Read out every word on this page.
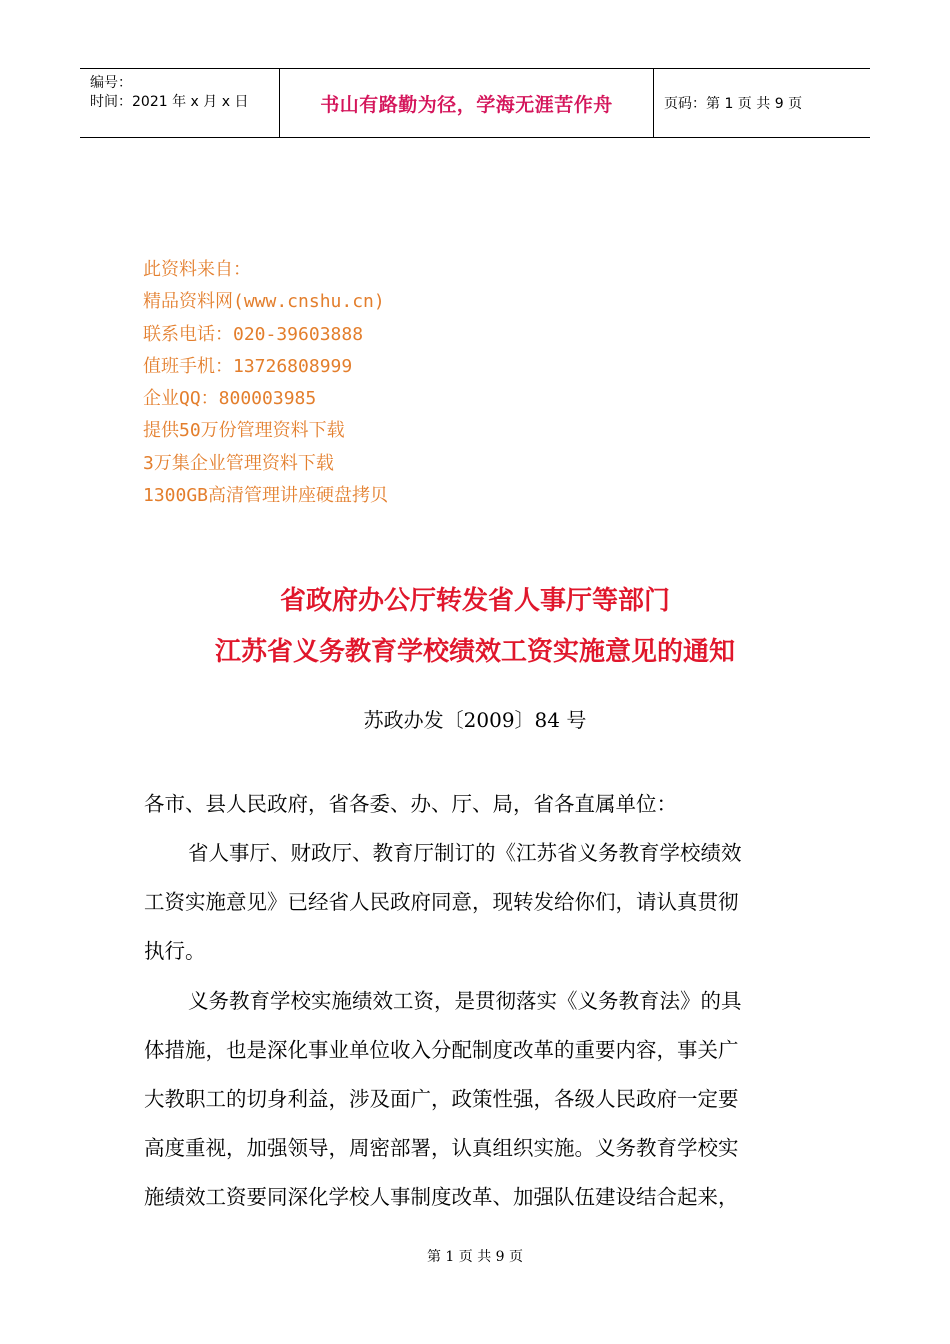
编号：
时间：2021 年 x 月 x 日	书山有路勤为径，学海无涯苦作舟	页码：第 1 页 共 9 页
此资料来自：
精品资料网(www.cnshu.cn)
联系电话：020-39603888
值班手机：13726808999
企业QQ：800003985
提供50万份管理资料下载
3万集企业管理资料下载
1300GB高清管理讲座硬盘拷贝
省政府办公厅转发省人事厅等部门
江苏省义务教育学校绩效工资实施意见的通知
苏政办发〔2009〕84 号
各市、县人民政府，省各委、办、厅、局，省各直属单位：
省人事厅、财政厅、教育厅制订的《江苏省义务教育学校绩效
工资实施意见》已经省人民政府同意，现转发给你们，请认真贯彻
执行。
义务教育学校实施绩效工资，是贯彻落实《义务教育法》的具
体措施，也是深化事业单位收入分配制度改革的重要内容，事关广
大教职工的切身利益，涉及面广，政策性强，各级人民政府一定要
高度重视，加强领导，周密部署，认真组织实施。义务教育学校实
施绩效工资要同深化学校人事制度改革、加强队伍建设结合起来，
第 1 页 共 9 页
